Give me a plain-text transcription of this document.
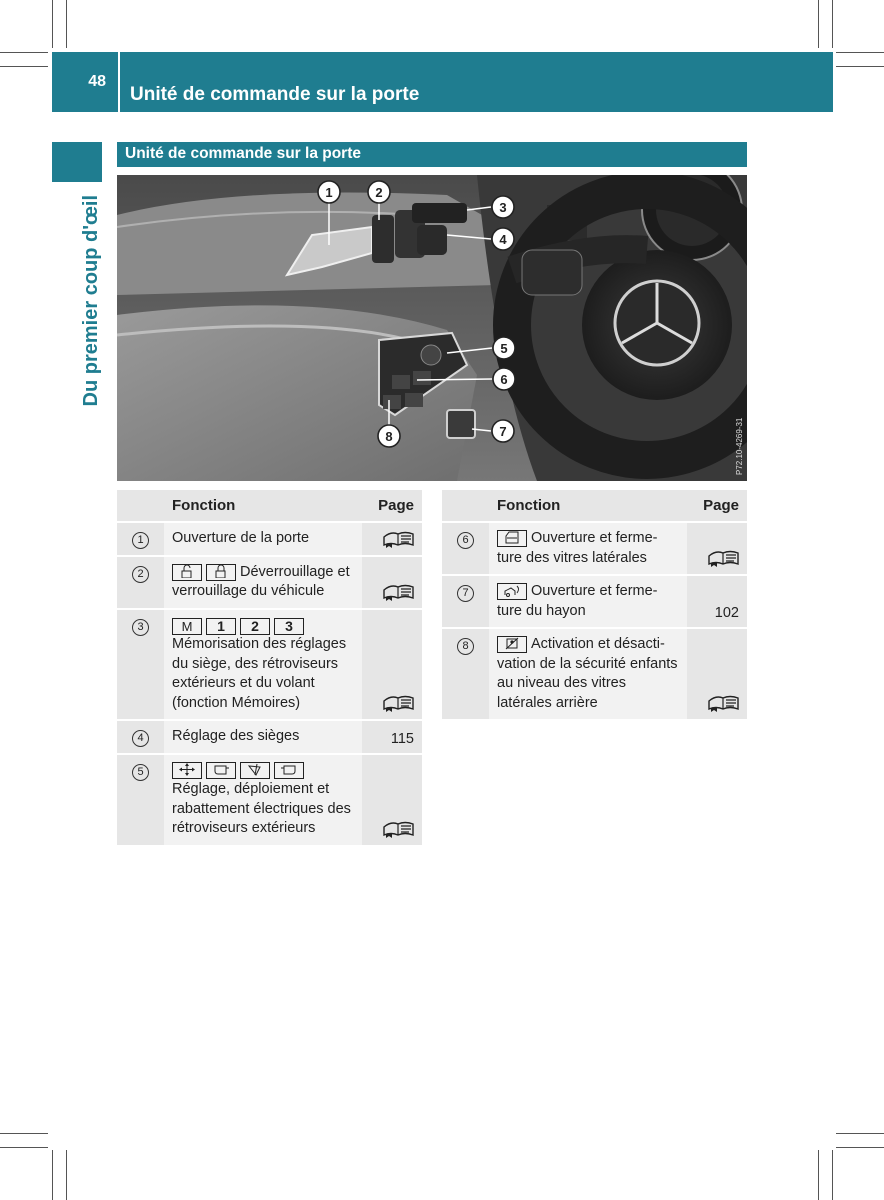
48
Unité de commande sur la porte
Du premier coup d'œil
Unité de commande sur la porte
P72.10-4269-31
1	2
3
4
5
6
7
8
	Fonction	Page
1	Ouverture de la porte	
2	Déverrouillage et verrouillage du véhicule	
3	M 1 2 3
Mémorisation des réglages du siège, des rétroviseurs extérieurs et du volant (fonction Mémoires)	
4	Réglage des sièges	115
5	Réglage, déploiement et rabattement électriques des rétroviseurs extérieurs	
	Fonction	Page
6	Ouverture et ferme-
ture des vitres latérales	
7	Ouverture et ferme-
ture du hayon	102
8	Activation et désacti-
vation de la sécurité enfants au niveau des vitres latérales arrière	
